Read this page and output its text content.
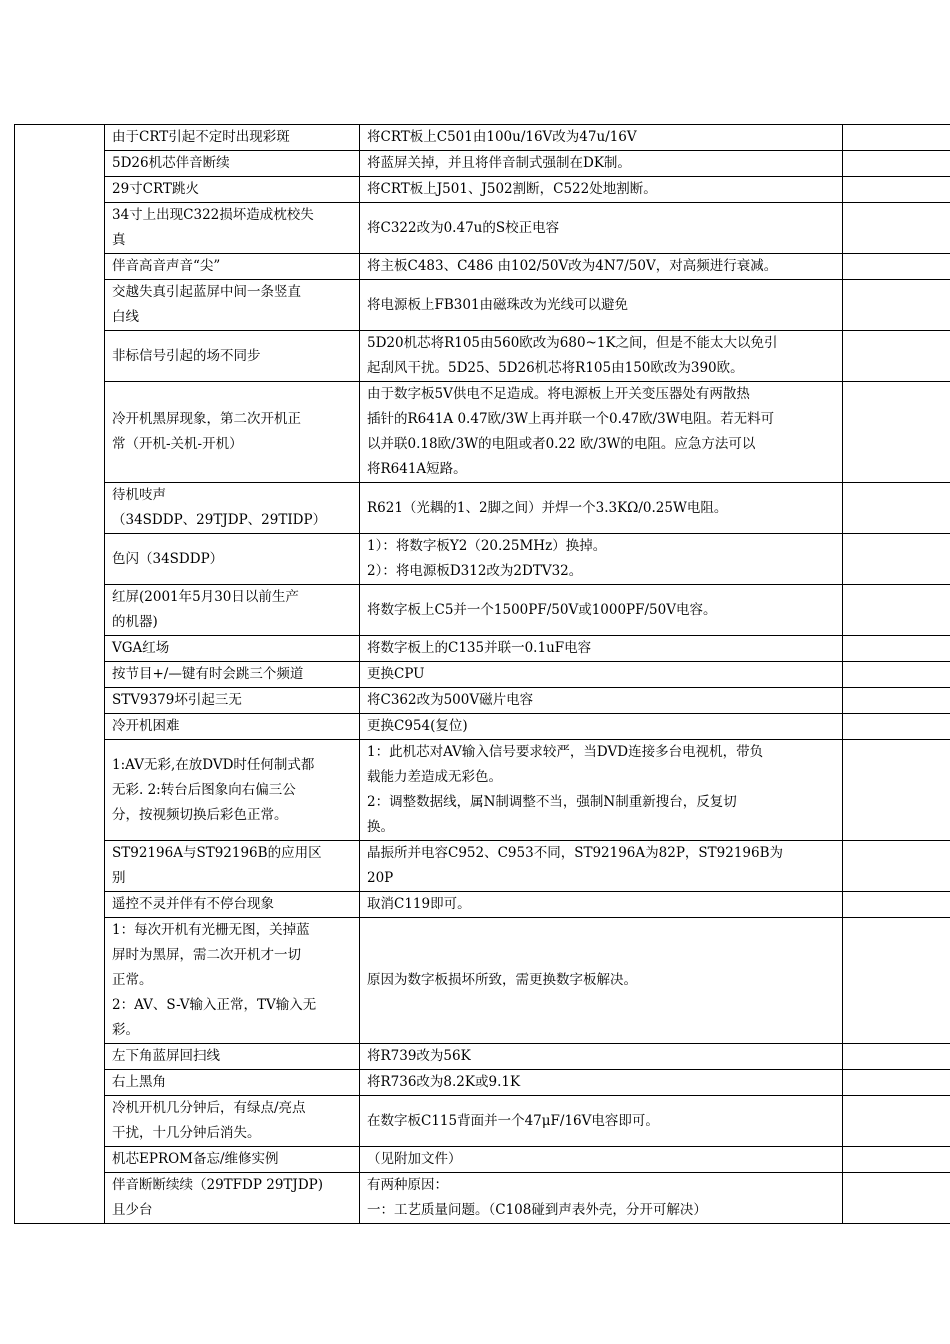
	由于CRT引起不定时出现彩斑	将CRT板上C501由100u/16V改为47u/16V	

	5D26机芯伴音断续	将蓝屏关掉，并且将伴音制式强制在DK制。	

	29寸CRT跳火	将CRT板上J501、J502割断，C522处地割断。	

	34寸上出现C322损坏造成枕校失
真	将C322改为0.47u的S校正电容	

	伴音高音声音“尖”	将主板C483、C486 由102/50V改为4N7/50V，对高频进行衰减。	

	交越失真引起蓝屏中间一条竖直
白线	将电源板上FB301由磁珠改为光线可以避免	

	非标信号引起的场不同步	5D20机芯将R105由560欧改为680~1K之间，但是不能太大以免引
起刮风干扰。5D25、5D26机芯将R105由150欧改为390欧。	

	冷开机黑屏现象，第二次开机正
常（开机-关机-开机）	由于数字板5V供电不足造成。将电源板上开关变压器处有两散热
插针的R641A 0.47欧/3W上再并联一个0.47欧/3W电阻。若无料可
以并联0.18欧/3W的电阻或者0.22 欧/3W的电阻。应急方法可以
将R641A短路。	

	待机吱声
（34SDDP、29TJDP、29TIDP）	R621（光耦的1、2脚之间）并焊一个3.3KΩ/0.25W电阻。	

	色闪（34SDDP）	1）：将数字板Y2（20.25MHz）换掉。
2）：将电源板D312改为2DTV32。	

	红屏(2001年5月30日以前生产
的机器)	将数字板上C5并一个1500PF/50V或1000PF/50V电容。	

	VGA红场	将数字板上的C135并联一0.1uF电容	

	按节目+/—键有时会跳三个频道	更换CPU	

	STV9379坏引起三无	将C362改为500V磁片电容	

	冷开机困难	更换C954(复位)	

	1:AV无彩,在放DVD时任何制式都
无彩. 2:转台后图象向右偏三公
分，按视频切换后彩色正常。	1：此机芯对AV输入信号要求较严，当DVD连接多台电视机，带负
载能力差造成无彩色。
2：调整数据线，属N制调整不当，强制N制重新搜台，反复切
换。	

	ST92196A与ST92196B的应用区
别	晶振所并电容C952、C953不同，ST92196A为82P，ST92196B为
20P	

	遥控不灵并伴有不停台现象	取消C119即可。	

	1：每次开机有光栅无图，关掉蓝
屏时为黑屏，需二次开机才一切
正常。
2：AV、S-V输入正常，TV输入无
彩。	原因为数字板损坏所致，需更换数字板解决。	

	左下角蓝屏回扫线	将R739改为56K	

	右上黑角	将R736改为8.2K或9.1K	

	冷机开机几分钟后，有绿点/亮点
干扰，十几分钟后消失。	在数字板C115背面并一个47μF/16V电容即可。	

	机芯EPROM备忘/维修实例	（见附加文件）	

	伴音断断续续（29TFDP 29TJDP)
且少台	有两种原因：
一：工艺质量问题。（C108碰到声表外壳，分开可解决）	
